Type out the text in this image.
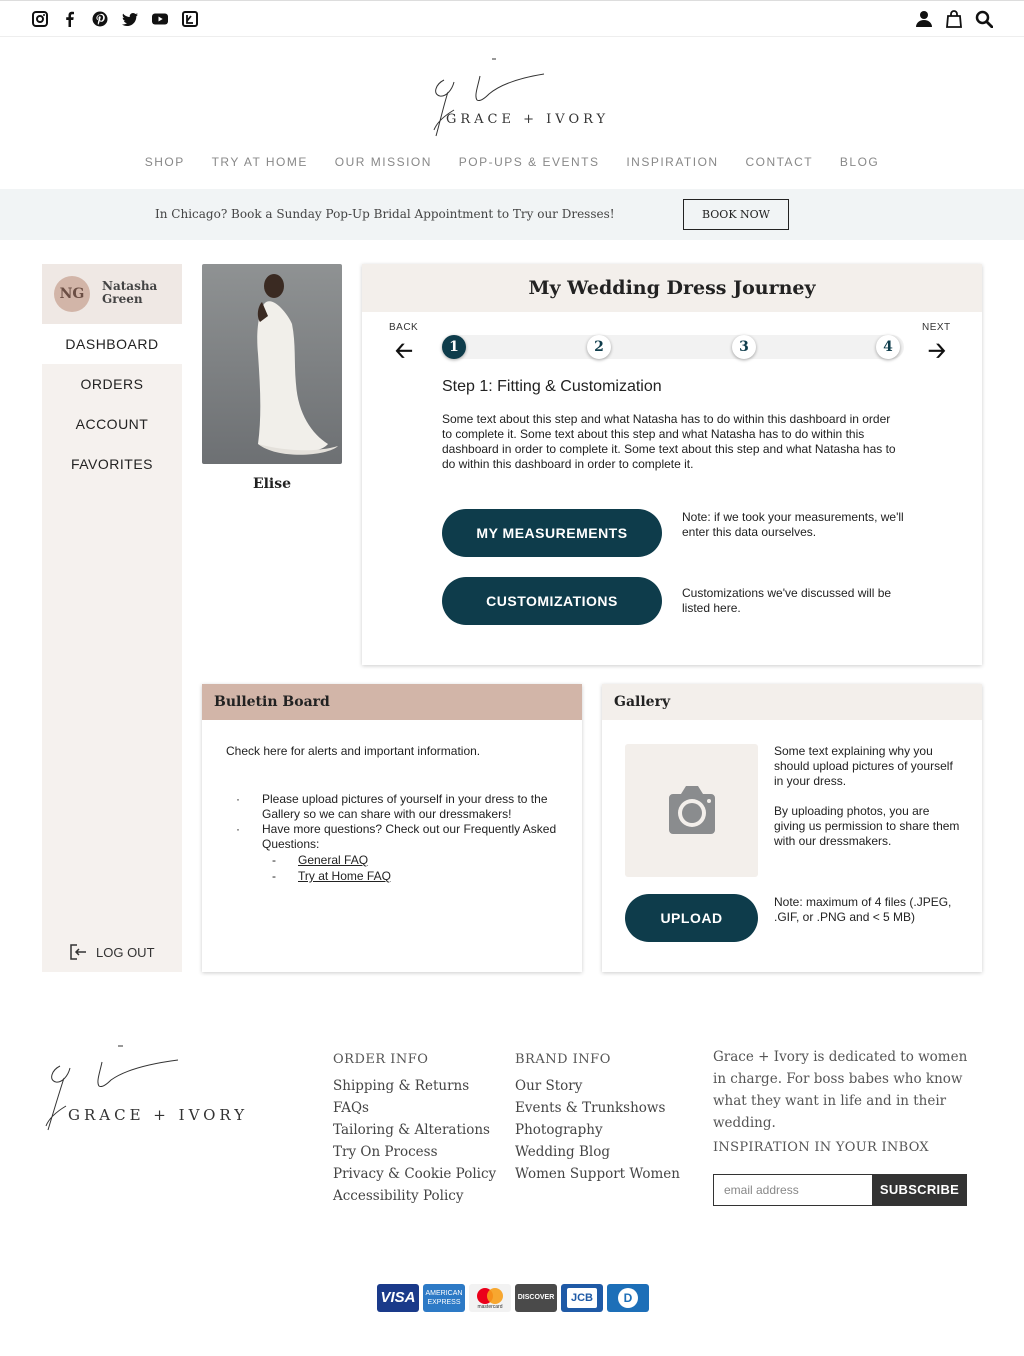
GRACE + IVORY
SHOP TRY AT HOME OUR MISSION POP-UPS & EVENTS INSPIRATION CONTACT BLOG
In Chicago? Book a Sunday Pop-Up Bridal Appointment to Try our Dresses!	BOOK NOW
NG	Natasha
Green
DASHBOARD
ORDERS
ACCOUNT
FAVORITES
LOG OUT
Elise
My Wedding Dress Journey
BACK
🡠
NEXT
🡢
1	2	3	4
Step 1: Fitting & Customization
Some text about this step and what Natasha has to do within this dashboard in order to complete it. Some text about this step and what Natasha has to do within this dashboard in order to complete it. Some text about this step and what Natasha has to do within this dashboard in order to complete it.
MY MEASUREMENTS
Note: if we took your measurements, we'll enter this data ourselves.
CUSTOMIZATIONS	Customizations we've discussed will be listed here.
Bulletin Board
Check here for alerts and important information.
· Please upload pictures of yourself in your dress to the Gallery so we can share with our dressmakers!
· Have more questions? Check out our Frequently Asked Questions:
- General FAQ
- Try at Home FAQ
Gallery
Some text explaining why you should upload pictures of yourself in your dress.
By uploading photos, you are giving us permission to share them with our dressmakers.
UPLOAD
Note: maximum of 4 files (.JPEG, .GIF, or .PNG and < 5 MB)
GRACE + IVORY
ORDER INFO
Shipping & Returns
FAQs
Tailoring & Alterations
Try On Process
Privacy & Cookie Policy
Accessibility Policy
BRAND INFO
Our Story
Events & Trunkshows
Photography
Wedding Blog
Women Support Women
Grace + Ivory is dedicated to women in charge. For boss babes who know what they want in life and in their wedding.
INSPIRATION IN YOUR INBOX
email address	SUBSCRIBE
VISA	AMERICAN EXPRESS
mastercard
DISCOVER	JCB	D
